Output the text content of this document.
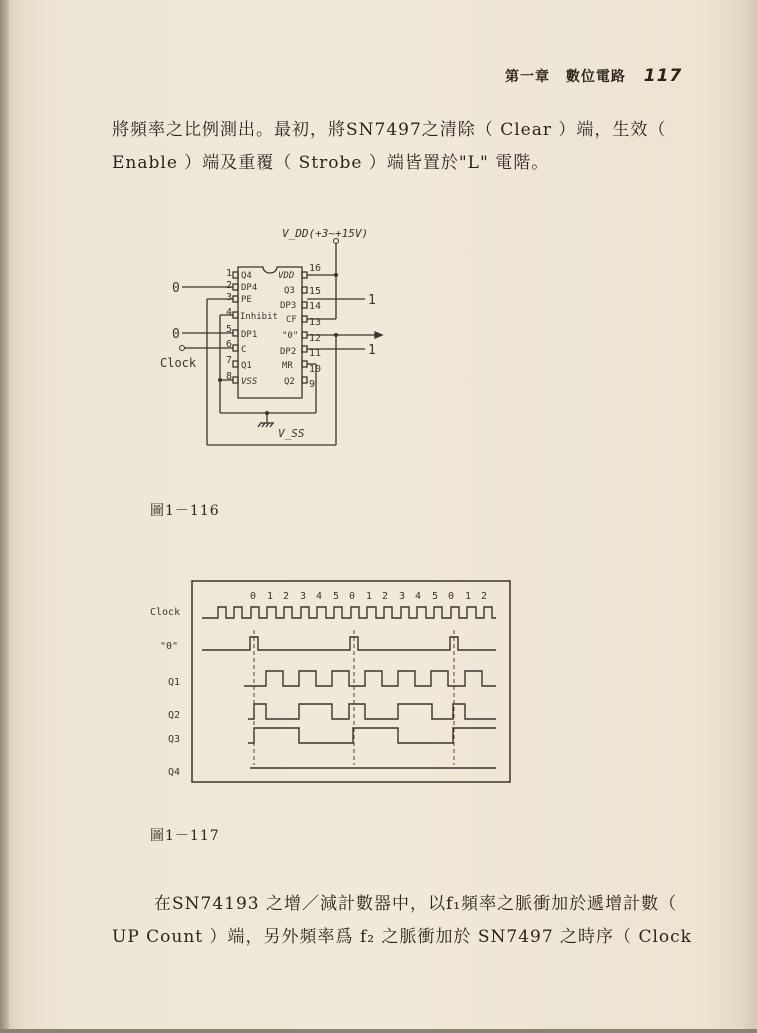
第一章 數位電路 117
將頻率之比例測出。最初，將SN7497之清除（ Clear ）端，生效（
Enable ）端及重覆（ Strobe ）端皆置於"L" 電階。
V_DD(+3~+15V)
0
0
1
1
Clock
V_SS
1 Q4
2 DP4
3 PE
4 Inhibit
5 DP1
6 C
7 Q1
8 VSS
16
VDD
15
Q3
14
DP3
13
CF
12
"0"
11
DP2
10
MR
9
Q2
圖1－116
Clock
"0"
Q1
Q2
Q3
Q4
0 1 2 3 4 5 0 1 2 3 4 5 0 1 2
圖1－117
在SN74193 之增／減計數器中，以f₁頻率之脈衝加於遞增計數（
UP Count ）端，另外頻率爲 f₂ 之脈衝加於 SN7497 之時序（ Clock
